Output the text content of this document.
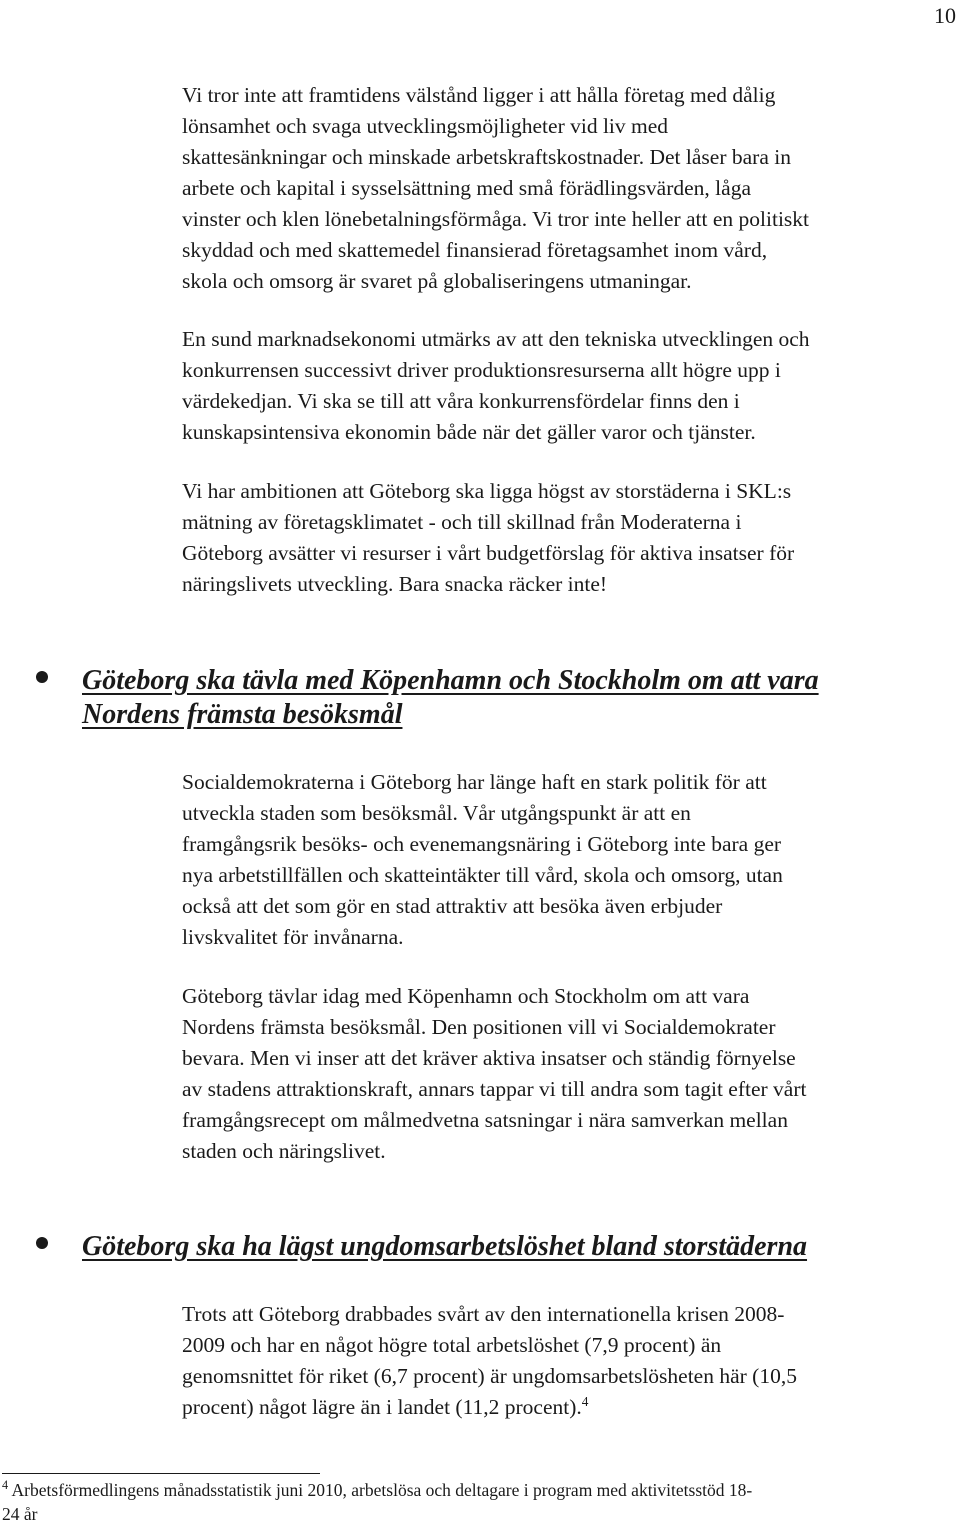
10

Vi tror inte att framtidens välstånd ligger i att hålla företag med dålig
lönsamhet och svaga utvecklingsmöjligheter vid liv med
skattesänkningar och minskade arbetskraftskostnader. Det låser bara in
arbete och kapital i sysselsättning med små förädlingsvärden, låga
vinster och klen lönebetalningsförmåga. Vi tror inte heller att en politiskt
skyddad och med skattemedel finansierad företagsamhet inom vård,
skola och omsorg är svaret på globaliseringens utmaningar.

En sund marknadsekonomi utmärks av att den tekniska utvecklingen och
konkurrensen successivt driver produktionsresurserna allt högre upp i
värdekedjan. Vi ska se till att våra konkurrensfördelar finns den i
kunskapsintensiva ekonomin både när det gäller varor och tjänster.

Vi har ambitionen att Göteborg ska ligga högst av storstäderna i SKL:s
mätning av företagsklimatet - och till skillnad från Moderaterna i
Göteborg avsätter vi resurser i vårt budgetförslag för aktiva insatser för
näringslivets utveckling. Bara snacka räcker inte!

Göteborg ska tävla med Köpenhamn och Stockholm om att vara
Nordens främsta besöksmål

Socialdemokraterna i Göteborg har länge haft en stark politik för att
utveckla staden som besöksmål. Vår utgångspunkt är att en
framgångsrik besöks- och evenemangsnäring i Göteborg inte bara ger
nya arbetstillfällen och skatteintäkter till vård, skola och omsorg, utan
också att det som gör en stad attraktiv att besöka även erbjuder
livskvalitet för invånarna.

Göteborg tävlar idag med Köpenhamn och Stockholm om att vara
Nordens främsta besöksmål. Den positionen vill vi Socialdemokrater
bevara. Men vi inser att det kräver aktiva insatser och ständig förnyelse
av stadens attraktionskraft, annars tappar vi till andra som tagit efter vårt
framgångsrecept om målmedvetna satsningar i nära samverkan mellan
staden och näringslivet.

Göteborg ska ha lägst ungdomsarbetslöshet bland storstäderna

Trots att Göteborg drabbades svårt av den internationella krisen 2008-
2009 och har en något högre total arbetslöshet (7,9 procent) än
genomsnittet för riket (6,7 procent) är ungdomsarbetslösheten här (10,5
procent) något lägre än i landet (11,2 procent).$^4$

$^4$ Arbetsförmedlingens månadsstatistik juni 2010, arbetslösa och deltagare i program med aktivitetsstöd 18-
24 år
